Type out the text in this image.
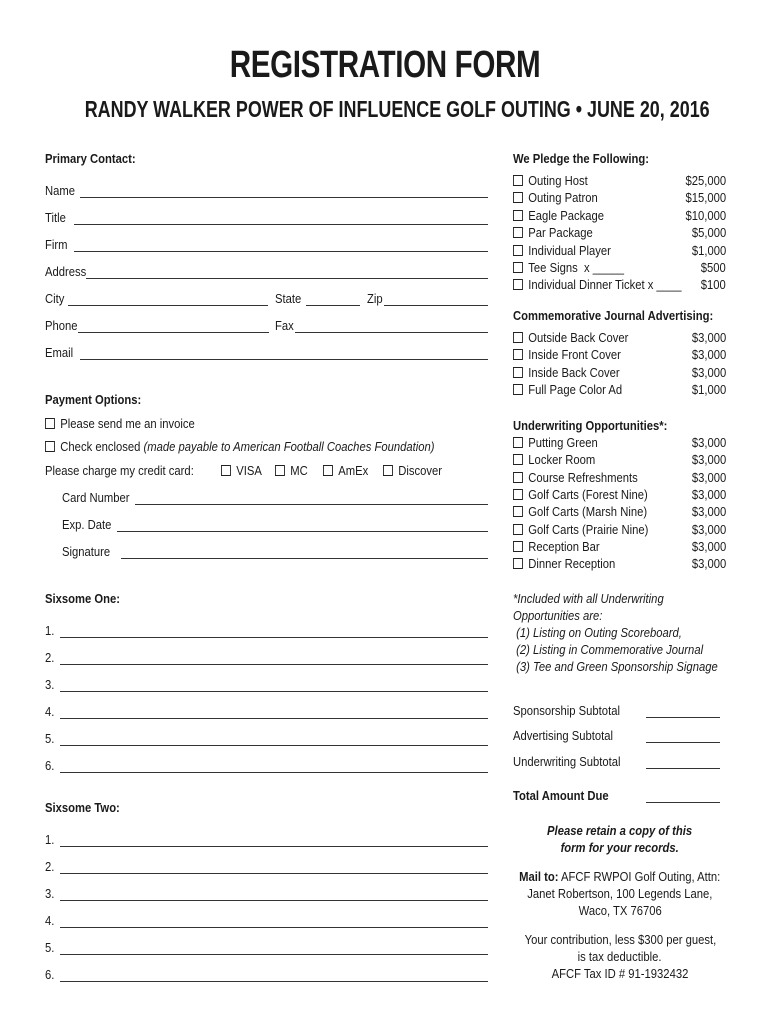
REGISTRATION FORM
RANDY WALKER POWER OF INFLUENCE GOLF OUTING • JUNE 20, 2016
Primary Contact:
Name
Title
Firm
Address
City	State	Zip
Phone	Fax
Email
Payment Options:
Please send me an invoice
Check enclosed (made payable to American Football Coaches Foundation)
Please charge my credit card:	VISA	MC	AmEx	Discover
Card Number
Exp. Date
Signature
Sixsome One:
1.
2.
3.
4.
5.
6.
Sixsome Two:
1.
2.
3.
4.
5.
6.
We Pledge the Following:
Outing Host	$25,000
Outing Patron	$15,000
Eagle Package	$10,000
Par Package	$5,000
Individual Player	$1,000
Tee Signs  x _____	$500
Individual Dinner Ticket x ____ $100
Commemorative Journal Advertising:
Outside Back Cover	$3,000
Inside Front Cover	$3,000
Inside Back Cover	$3,000
Full Page Color Ad	$1,000
Underwriting Opportunities*:
Putting Green	$3,000
Locker Room	$3,000
Course Refreshments	$3,000
Golf Carts (Forest Nine)	$3,000
Golf Carts (Marsh Nine)	$3,000
Golf Carts (Prairie Nine)	$3,000
Reception Bar	$3,000
Dinner Reception	$3,000
*Included with all Underwriting
Opportunities are:
(1) Listing on Outing Scoreboard,
(2) Listing in Commemorative Journal
(3) Tee and Green Sponsorship Signage
Sponsorship Subtotal
Advertising Subtotal
Underwriting Subtotal
Total Amount Due
Please retain a copy of this
form for your records.
Mail to: AFCF RWPOI Golf Outing, Attn:
Janet Robertson, 100 Legends Lane,
Waco, TX 76706
Your contribution, less $300 per guest,
is tax deductible.
AFCF Tax ID # 91-1932432
